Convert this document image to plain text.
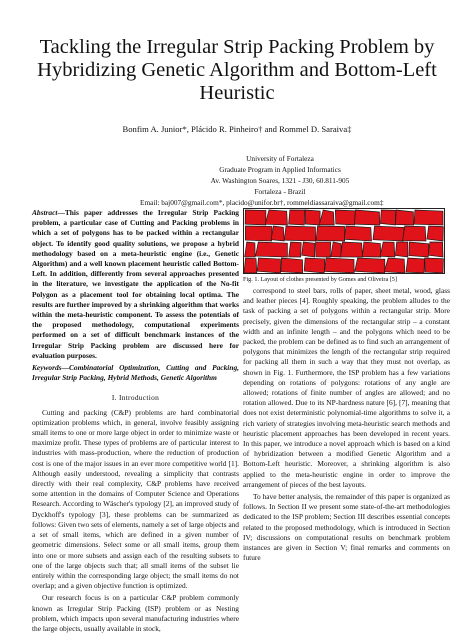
Tackling the Irregular Strip Packing Problem by Hybridizing Genetic Algorithm and Bottom-Left Heuristic
Bonfim A. Junior*, Plácido R. Pinheiro† and Rommel D. Saraiva‡
University of Fortaleza
Graduate Program in Applied Informatics
Av. Washington Soares, 1321 - J30, 60.811-905
Fortaleza - Brazil
Email: baj007@gmail.com*, placido@unifor.br†, rommeldiassaraiva@gmail.com‡

Abstract—This paper addresses the Irregular Strip Packing problem, a particular case of Cutting and Packing problems in which a set of polygons has to be packed within a rectangular object. To identify good quality solutions, we propose a hybrid methodology based on a meta-heuristic engine (i.e., Genetic Algorithm) and a well known placement heuristic called Bottom-Left. In addition, differently from several approaches presented in the literature, we investigate the application of the No-fit Polygon as a placement tool for obtaining local optima. The results are further improved by a shrinking algorithm that works within the meta-heuristic component. To assess the potentials of the proposed methodology, computational experiments performed on a set of difficult benchmark instances of the Irregular Strip Packing problem are discussed here for evaluation purposes.

Keywords—Combinatorial Optimization, Cutting and Packing, Irregular Strip Packing, Hybrid Methods, Genetic Algorithm
I. Introduction

Cutting and packing (C&P) problems are hard combinatorial optimization problems which, in general, involve feasibly assigning small items to one or more large object in order to minimize waste or maximize profit. These types of problems are of particular interest to industries with mass-production, where the reduction of production cost is one of the major issues in an ever more competitive world [1]. Although easily understood, revealing a simplicity that contrasts directly with their real complexity, C&P problems have received some attention in the domains of Computer Science and Operations Research. According to Wäscher's typology [2], an improved study of Dyckhoff's typology [3], these problems can be summarized as follows: Given two sets of elements, namely a set of large objects and a set of small items, which are defined in a given number of geometric dimensions. Select some or all small items, group them into one or more subsets and assign each of the resulting subsets to one of the large objects such that; all small items of the subset lie entirely within the corresponding large object; the small items do not overlap; and a given objective function is optimized.

Our research focus is on a particular C&P problem commonly known as Irregular Strip Packing (ISP) problem or as Nesting problem, which impacts upon several manufacturing industries where the large objects, usually available in stock,

Fig. 1. Layout of clothes presented by Gomes and Oliveira [5]

correspond to steel bars, rolls of paper, sheet metal, wood, glass and leather pieces [4]. Roughly speaking, the problem alludes to the task of packing a set of polygons within a rectangular strip. More precisely, given the dimensions of the rectangular strip – a constant width and an infinite length – and the polygons which need to be packed, the problem can be defined as to find such an arrangement of polygons that minimizes the length of the rectangular strip required for packing all them in such a way that they must not overlap, as shown in Fig. 1. Furthermore, the ISP problem has a few variations depending on rotations of polygons: rotations of any angle are allowed; rotations of finite number of angles are allowed; and no rotation allowed. Due to its NP-hardness nature [6], [7], meaning that does not exist deterministic polynomial-time algorithms to solve it, a rich variety of strategies involving meta-heuristic search methods and heuristic placement approaches has been developed in recent years. In this paper, we introduce a novel approach which is based on a kind of hybridization between a modified Genetic Algorithm and a Bottom-Left heuristic. Moreover, a shrinking algorithm is also applied to the meta-heuristic engine in order to improve the arrangement of pieces of the best layouts.

To have better analysis, the remainder of this paper is organized as follows. In Section II we present some state-of-the-art methodologies dedicated to the ISP problem; Section III describes essential concepts related to the proposed methodology, which is introduced in Section IV; discussions on computational results on benchmark problem instances are given in Section V; final remarks and comments on future
